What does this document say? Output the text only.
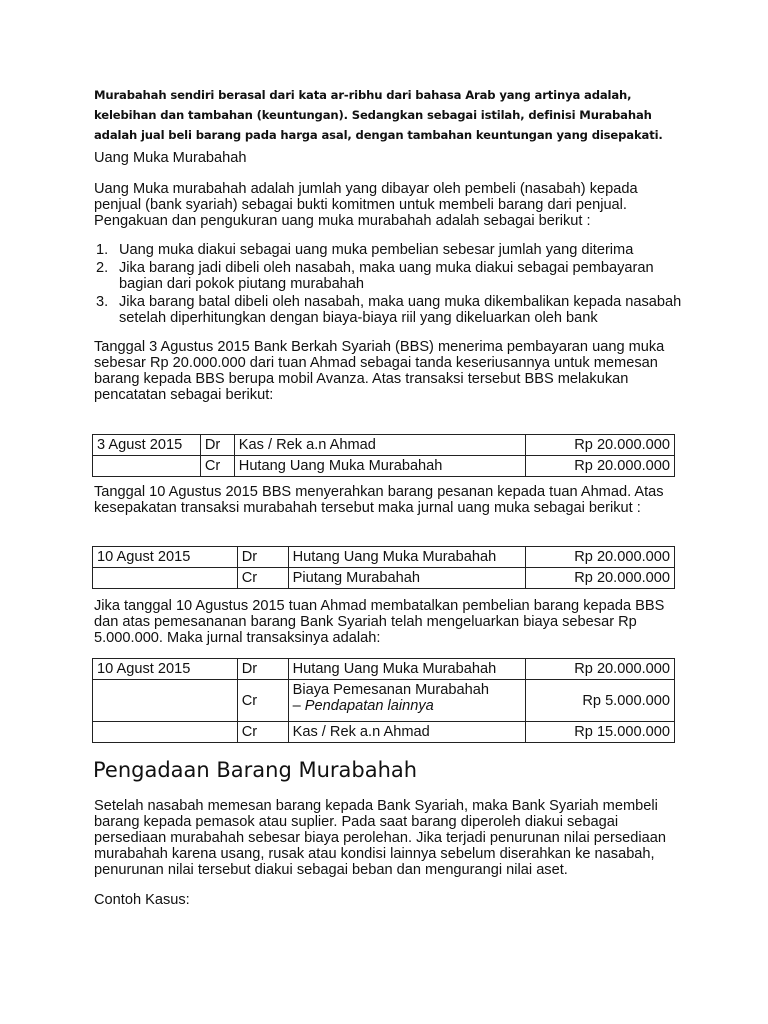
Murabahah sendiri berasal dari kata ar-ribhu dari bahasa Arab yang artinya adalah, kelebihan dan tambahan (keuntungan). Sedangkan sebagai istilah, definisi Murabahah adalah jual beli barang pada harga asal, dengan tambahan keuntungan yang disepakati.

Uang Muka Murabahah

Uang Muka murabahah adalah jumlah yang dibayar oleh pembeli (nasabah) kepada penjual (bank syariah) sebagai bukti komitmen untuk membeli barang dari penjual. Pengakuan dan pengukuran uang muka murabahah adalah sebagai berikut :

1. Uang muka diakui sebagai uang muka pembelian sebesar jumlah yang diterima
2. Jika barang jadi dibeli oleh nasabah, maka uang muka diakui sebagai pembayaran bagian dari pokok piutang murabahah
3. Jika barang batal dibeli oleh nasabah, maka uang muka dikembalikan kepada nasabah setelah diperhitungkan dengan biaya-biaya riil yang dikeluarkan oleh bank

Tanggal 3 Agustus 2015 Bank Berkah Syariah (BBS) menerima pembayaran uang muka sebesar Rp 20.000.000 dari tuan Ahmad sebagai tanda keseriusannya untuk memesan barang kepada BBS berupa mobil Avanza. Atas transaksi tersebut BBS melakukan pencatatan sebagai berikut:

3 Agust 2015	Dr	Kas / Rek a.n Ahmad	Rp 20.000.000
	Cr	Hutang Uang Muka Murabahah	Rp 20.000.000

Tanggal 10 Agustus 2015 BBS menyerahkan barang pesanan kepada tuan Ahmad. Atas kesepakatan transaksi murabahah tersebut maka jurnal uang muka sebagai berikut :

10 Agust 2015	Dr	Hutang Uang Muka Murabahah	Rp 20.000.000
	Cr	Piutang Murabahah	Rp 20.000.000

Jika tanggal 10 Agustus 2015 tuan Ahmad membatalkan pembelian barang kepada BBS dan atas pemesananan barang Bank Syariah telah mengeluarkan biaya sebesar Rp 5.000.000. Maka jurnal transaksinya adalah:

10 Agust 2015	Dr	Hutang Uang Muka Murabahah	Rp 20.000.000
	Cr	Biaya Pemesanan Murabahah
– Pendapatan lainnya	Rp 5.000.000
	Cr	Kas / Rek a.n Ahmad	Rp 15.000.000
Pengadaan Barang Murabahah

Setelah nasabah memesan barang kepada Bank Syariah, maka Bank Syariah membeli barang kepada pemasok atau suplier. Pada saat barang diperoleh diakui sebagai persediaan murabahah sebesar biaya perolehan. Jika terjadi penurunan nilai persediaan murabahah karena usang, rusak atau kondisi lainnya sebelum diserahkan ke nasabah, penurunan nilai tersebut diakui sebagai beban dan mengurangi nilai aset.

Contoh Kasus:
